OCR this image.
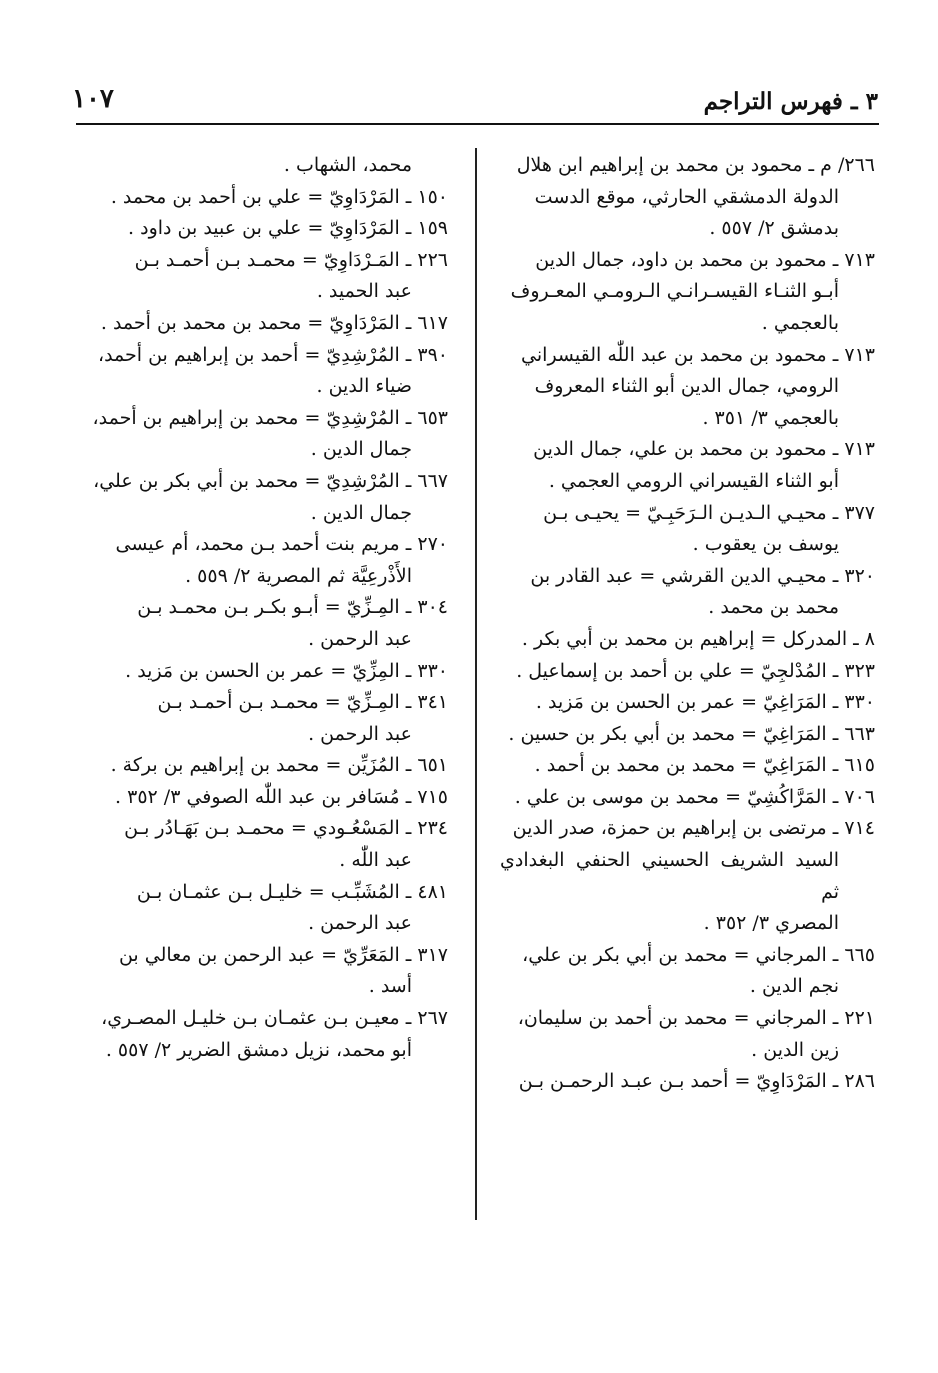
١٠٧	٣ ـ فهرس التراجم
٢٦٦/ م ـ محمود بن محمد بن إبراهيم ابن هلال
الدولة الدمشقي الحارثي، موقع الدست
بدمشق ٢/ ٥٥٧ .
٧١٣ ـ محمود بن محمد بن داود، جمال الدين
أبـو الثنـاء القيسـرانـي الـرومـي المعـروف
بالعجمي .
٧١٣ ـ محمود بن محمد بن عبد اللّٰه القيسراني
الرومي، جمال الدين أبو الثناء المعروف
بالعجمي ٣/ ٣٥١ .
٧١٣ ـ محمود بن محمد بن علي، جمال الدين
أبو الثناء القيسراني الرومي العجمي .
٣٧٧ ـ محيـي الـديـن الـرَحَبِـيّ = يحيـى بـن
يوسف بن يعقوب .
٣٢٠ ـ محيـي الدين القرشي = عبد القادر بن
محمد بن محمد .
٨ ـ المدركل = إبراهيم بن محمد بن أبي بكر .
٣٢٣ ـ المُدْلجِيّ = علي بن أحمد بن إسماعيل .
٣٣٠ ـ المَرَاغِيّ = عمر بن الحسن بن مَزيد .
٦٦٣ ـ المَرَاغِيّ = محمد بن أبي بكر بن حسين .
٦١٥ ـ المَرَاغِيّ = محمد بن محمد بن أحمد .
٧٠٦ ـ المَرَّاكُشِيّ = محمد بن موسى بن علي .
٧١٤ ـ مرتضى بن إبراهيم بن حمزة، صدر الدين
السيد الشريف الحسيني الحنفي البغدادي ثم
المصري ٣/ ٣٥٢ .
٦٦٥ ـ المرجاني = محمد بن أبي بكر بن علي،
نجم الدين .
٢٢١ ـ المرجاني = محمد بن أحمد بن سليمان،
زين الدين .
٢٨٦ ـ المَرْدَاوِيّ = أحمد بـن عبـد الرحمـن بـن
محمد، الشهاب .
١٥٠ ـ المَرْدَاوِيّ = علي بن أحمد بن محمد .
١٥٩ ـ المَرْدَاوِيّ = علي بن عبيد بن داود .
٢٢٦ ـ المَـرْدَاوِيّ = محمـد بـن أحمـد بـن
عبد الحميد .
٦١٧ ـ المَرْدَاوِيّ = محمد بن محمد بن أحمد .
٣٩٠ ـ المُرْشِدِيّ = أحمد بن إبراهيم بن أحمد،
ضياء الدين .
٦٥٣ ـ المُرْشِدِيّ = محمد بن إبراهيم بن أحمد،
جمال الدين .
٦٦٧ ـ المُرْشِدِيّ = محمد بن أبي بكر بن علي،
جمال الدين .
٢٧٠ ـ مريم بنت أحمد بـن محمد، أم عيسى
الأَذْرعِيَّة ثم المصرية ٢/ ٥٥٩ .
٣٠٤ ـ المِـزِّيّ = أبـو بكـر بـن محمـد بـن
عبد الرحمن .
٣٣٠ ـ المِزِّيّ = عمر بن الحسن بن مَزيد .
٣٤١ ـ المِـزِّيّ = محمـد بـن أحمـد بـن
عبد الرحمن .
٦٥١ ـ المُزَيِّن = محمد بن إبراهيم بن بركة .
٧١٥ ـ مُسَافر بن عبد اللّٰه الصوفي ٣/ ٣٥٢ .
٢٣٤ ـ المَسْعُـودي = محمـد بـن بَهَـادُر بـن
عبد اللّٰه .
٤٨١ ـ المُشَبِّـب = خليـل بـن عثمـان بـن
عبد الرحمن .
٣١٧ ـ المَعَرِّيّ = عبد الرحمن بن معالي بن
أسد .
٢٦٧ ـ معيـن بـن عثمـان بـن خليـل المصـري،
أبو محمد، نزيل دمشق الضرير ٢/ ٥٥٧ .
